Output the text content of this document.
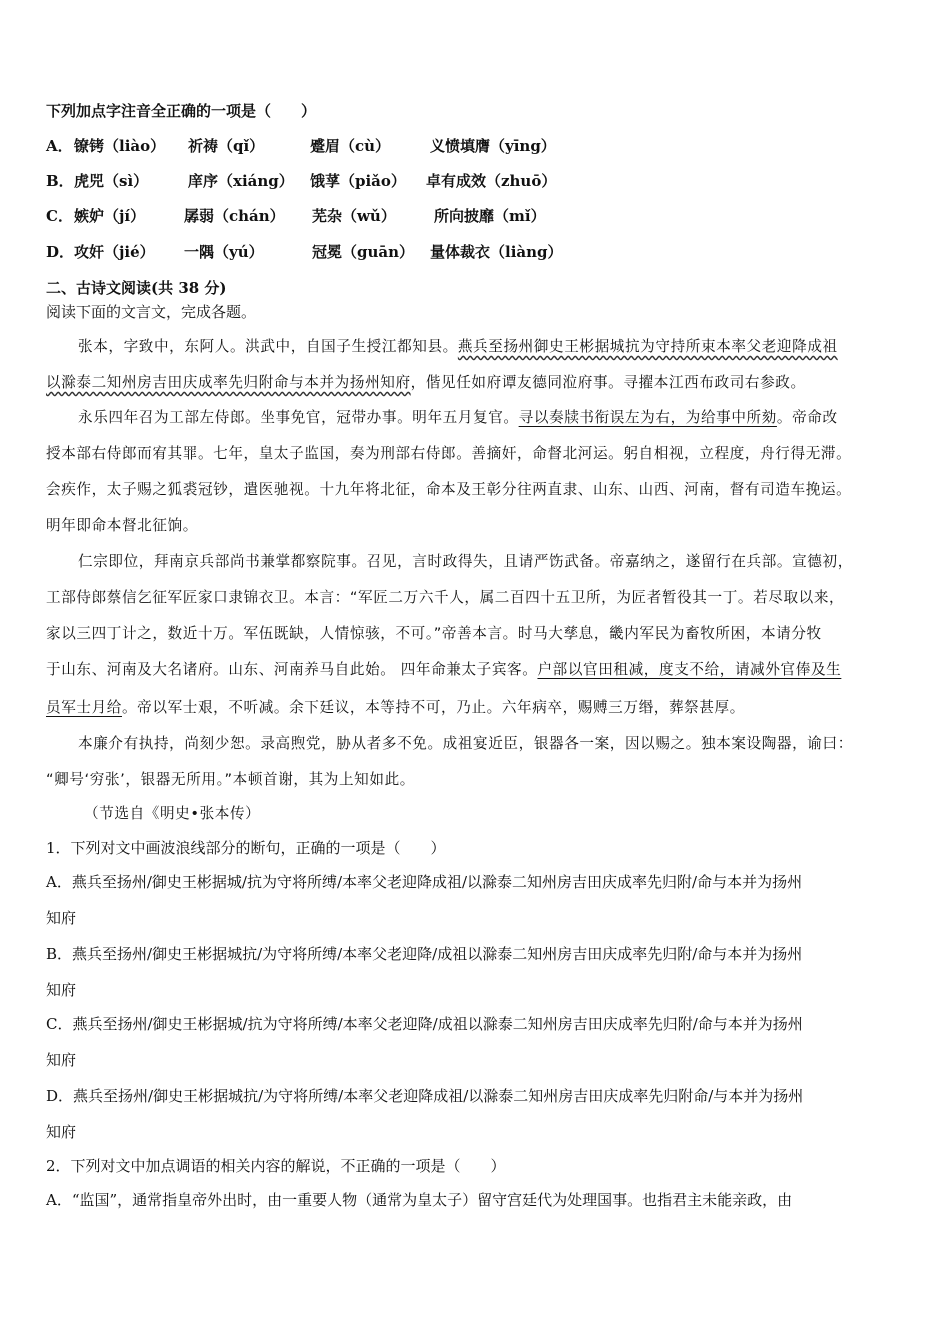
下列加点字注音全正确的一项是（　　）
A． 镣铐（liào） 祈祷（qǐ）	蹙眉（cù）	义愤填膺（yīng）
B． 虎兕（sì）	庠序（xiáng） 饿莩（piǎo） 卓有成效（zhuō）
C． 嫉妒（jí）	孱弱（chán） 芜杂（wǔ）	所向披靡（mǐ）
D． 攻奸（jié） 一隅（yú）	冠冕（guān） 量体裁衣（liàng）
二、古诗文阅读(共 38 分)
阅读下面的文言文，完成各题。
张本，字致中，东阿人。洪武中，自国子生授江都知县。燕兵至扬州御史王彬据城抗为守持所束本率父老迎降成祖
以滁泰二知州房吉田庆成率先归附命与本并为扬州知府，偕见任如府谭友德同涖府事。寻擢本江西布政司右参政。
永乐四年召为工部左侍郎。坐事免官，冠带办事。明年五月复官。寻以奏牍书衔误左为右，为给事中所劾。帝命改
授本部右侍郎而宥其罪。七年，皇太子监国，奏为刑部右侍郎。善摘奸，命督北河运。躬自相视，立程度，舟行得无滞。
会疾作，太子赐之狐裘冠钞，遣医驰视。十九年将北征，命本及王彰分往两直隶、山东、山西、河南，督有司造车挽运。
明年即命本督北征饷。
仁宗即位，拜南京兵部尚书兼掌都察院事。召见，言时政得失，且请严饬武备。帝嘉纳之，遂留行在兵部。宣德初，
工部侍郎蔡信乞征军匠家口隶锦衣卫。本言：“军匠二万六千人，属二百四十五卫所，为匠者暂役其一丁。若尽取以来，
家以三四丁计之，数近十万。军伍既缺，人情惊骇，不可。”帝善本言。时马大孳息，畿内军民为畜牧所困，本请分牧
于山东、河南及大名诸府。山东、河南养马自此始。 四年命兼太子宾客。户部以官田租减，度支不给，请减外官俸及生
员军士月给。帝以军士艰，不听减。余下廷议，本等持不可，乃止。六年病卒，赐赙三万缗，葬祭甚厚。
本廉介有执持，尚刻少恕。录高煦党，胁从者多不免。成祖宴近臣，银器各一案，因以赐之。独本案设陶器，谕曰：
“卿号‘穷张’，银器无所用。”本顿首谢，其为上知如此。
（节选自《明史•张本传）
1．下列对文中画波浪线部分的断句，正确的一项是（　　）
A．燕兵至扬州/御史王彬据城/抗为守将所缚/本率父老迎降成祖/以滁泰二知州房吉田庆成率先归附/命与本并为扬州
知府
B．燕兵至扬州/御史王彬据城抗/为守将所缚/本率父老迎降/成祖以滁泰二知州房吉田庆成率先归附/命与本并为扬州
知府
C．燕兵至扬州/御史王彬据城/抗为守将所缚/本率父老迎降/成祖以滁泰二知州房吉田庆成率先归附/命与本并为扬州
知府
D．燕兵至扬州/御史王彬据城抗/为守将所缚/本率父老迎降成祖/以滁泰二知州房吉田庆成率先归附命/与本并为扬州
知府
2．下列对文中加点调语的相关内容的解说，不正确的一项是（　　）
A．“监国”，通常指皇帝外出时，由一重要人物（通常为皇太子）留守宫廷代为处理国事。也指君主未能亲政，由
